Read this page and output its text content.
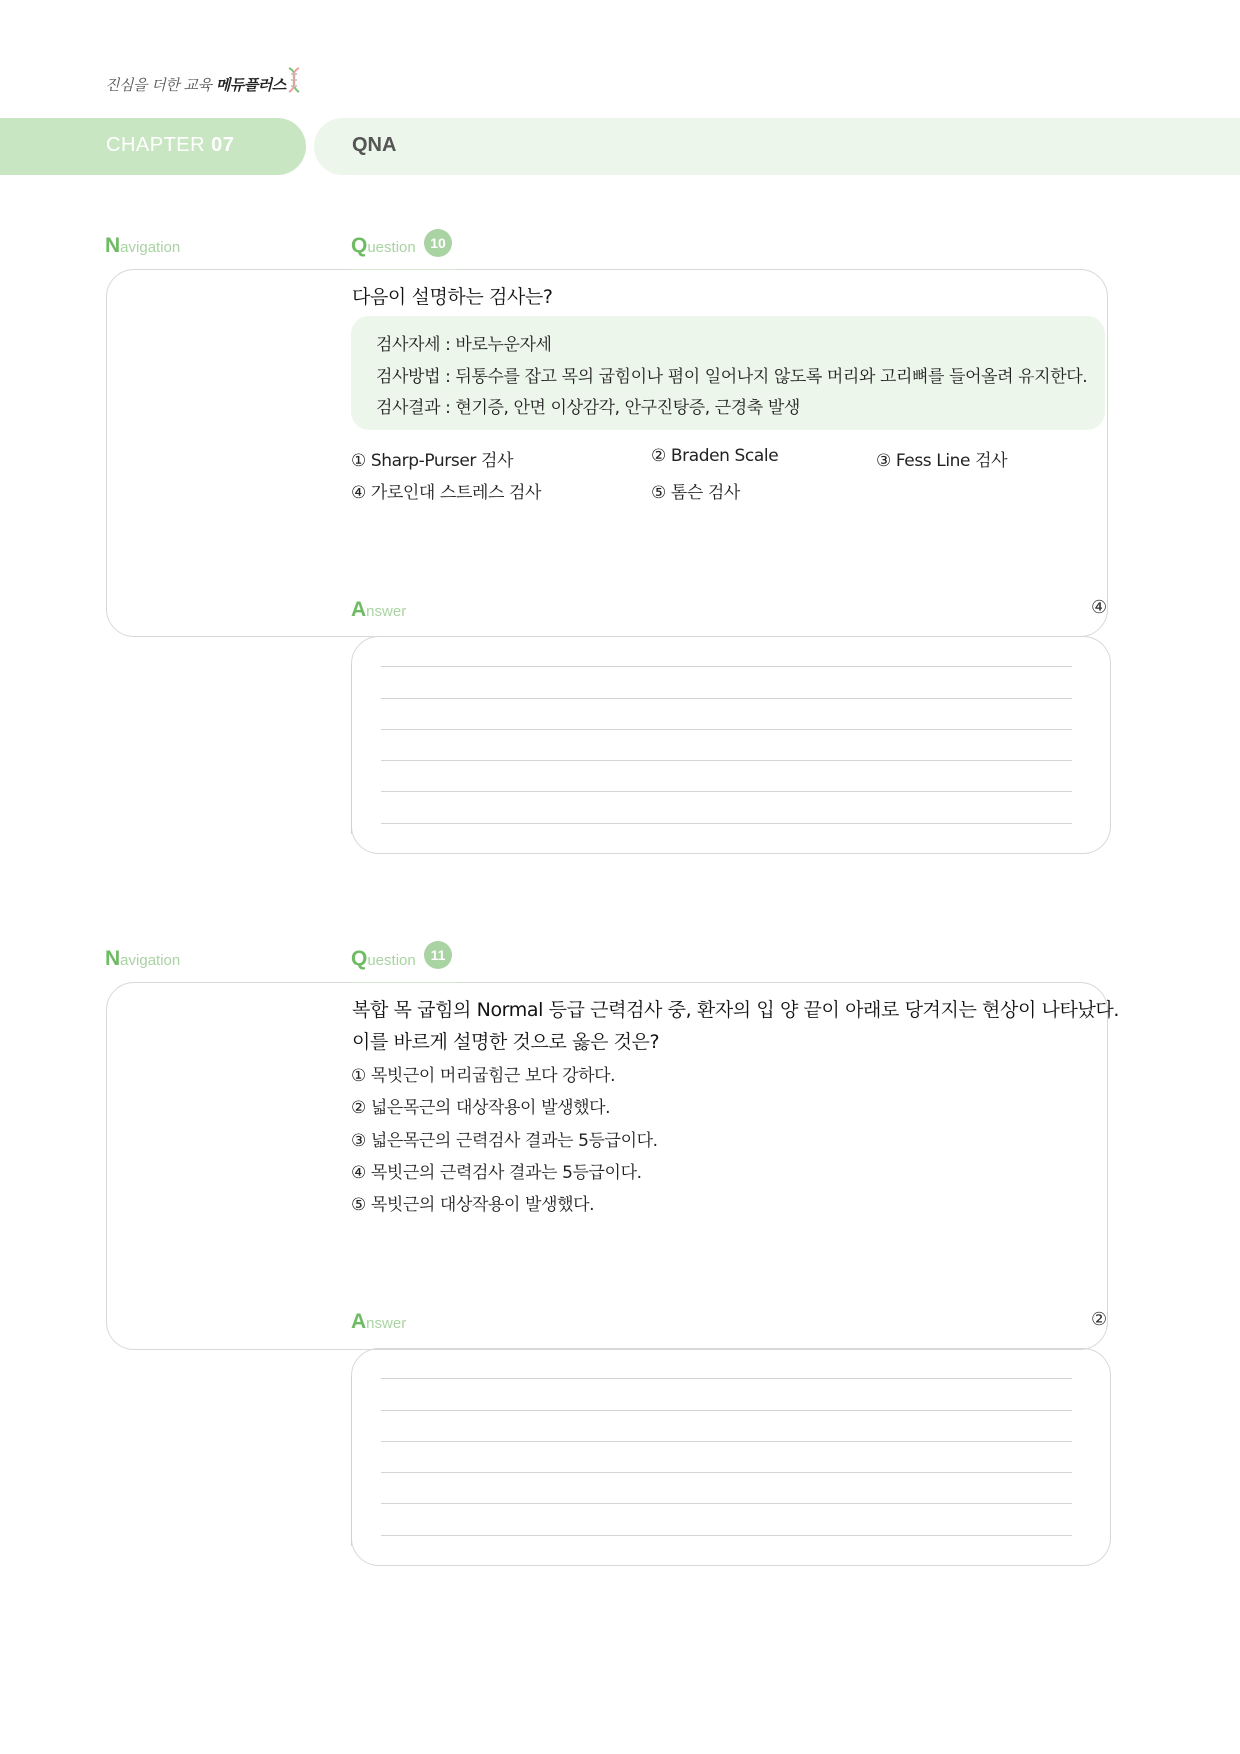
진심을 더한 교육 메듀플러스
CHAPTER 07	QNA
Navigation	Question	10
다음이 설명하는 검사는?
검사자세 : 바로누운자세
검사방법 : 뒤통수를 잡고 목의 굽힘이나 폄이 일어나지 않도록 머리와 고리뼈를 들어올려 유지한다.
검사결과 : 현기증, 안면 이상감각, 안구진탕증, 근경축 발생
① Sharp-Purser 검사	② Braden Scale	③ Fess Line 검사
④ 가로인대 스트레스 검사	⑤ 톰슨 검사
Answer	④
Navigation	Question	11
복합 목 굽힘의 Normal 등급 근력검사 중, 환자의 입 양 끝이 아래로 당겨지는 현상이 나타났다.
이를 바르게 설명한 것으로 옳은 것은?
① 목빗근이 머리굽힘근 보다 강하다.
② 넓은목근의 대상작용이 발생했다.
③ 넓은목근의 근력검사 결과는 5등급이다.
④ 목빗근의 근력검사 결과는 5등급이다.
⑤ 목빗근의 대상작용이 발생했다.
Answer	②
